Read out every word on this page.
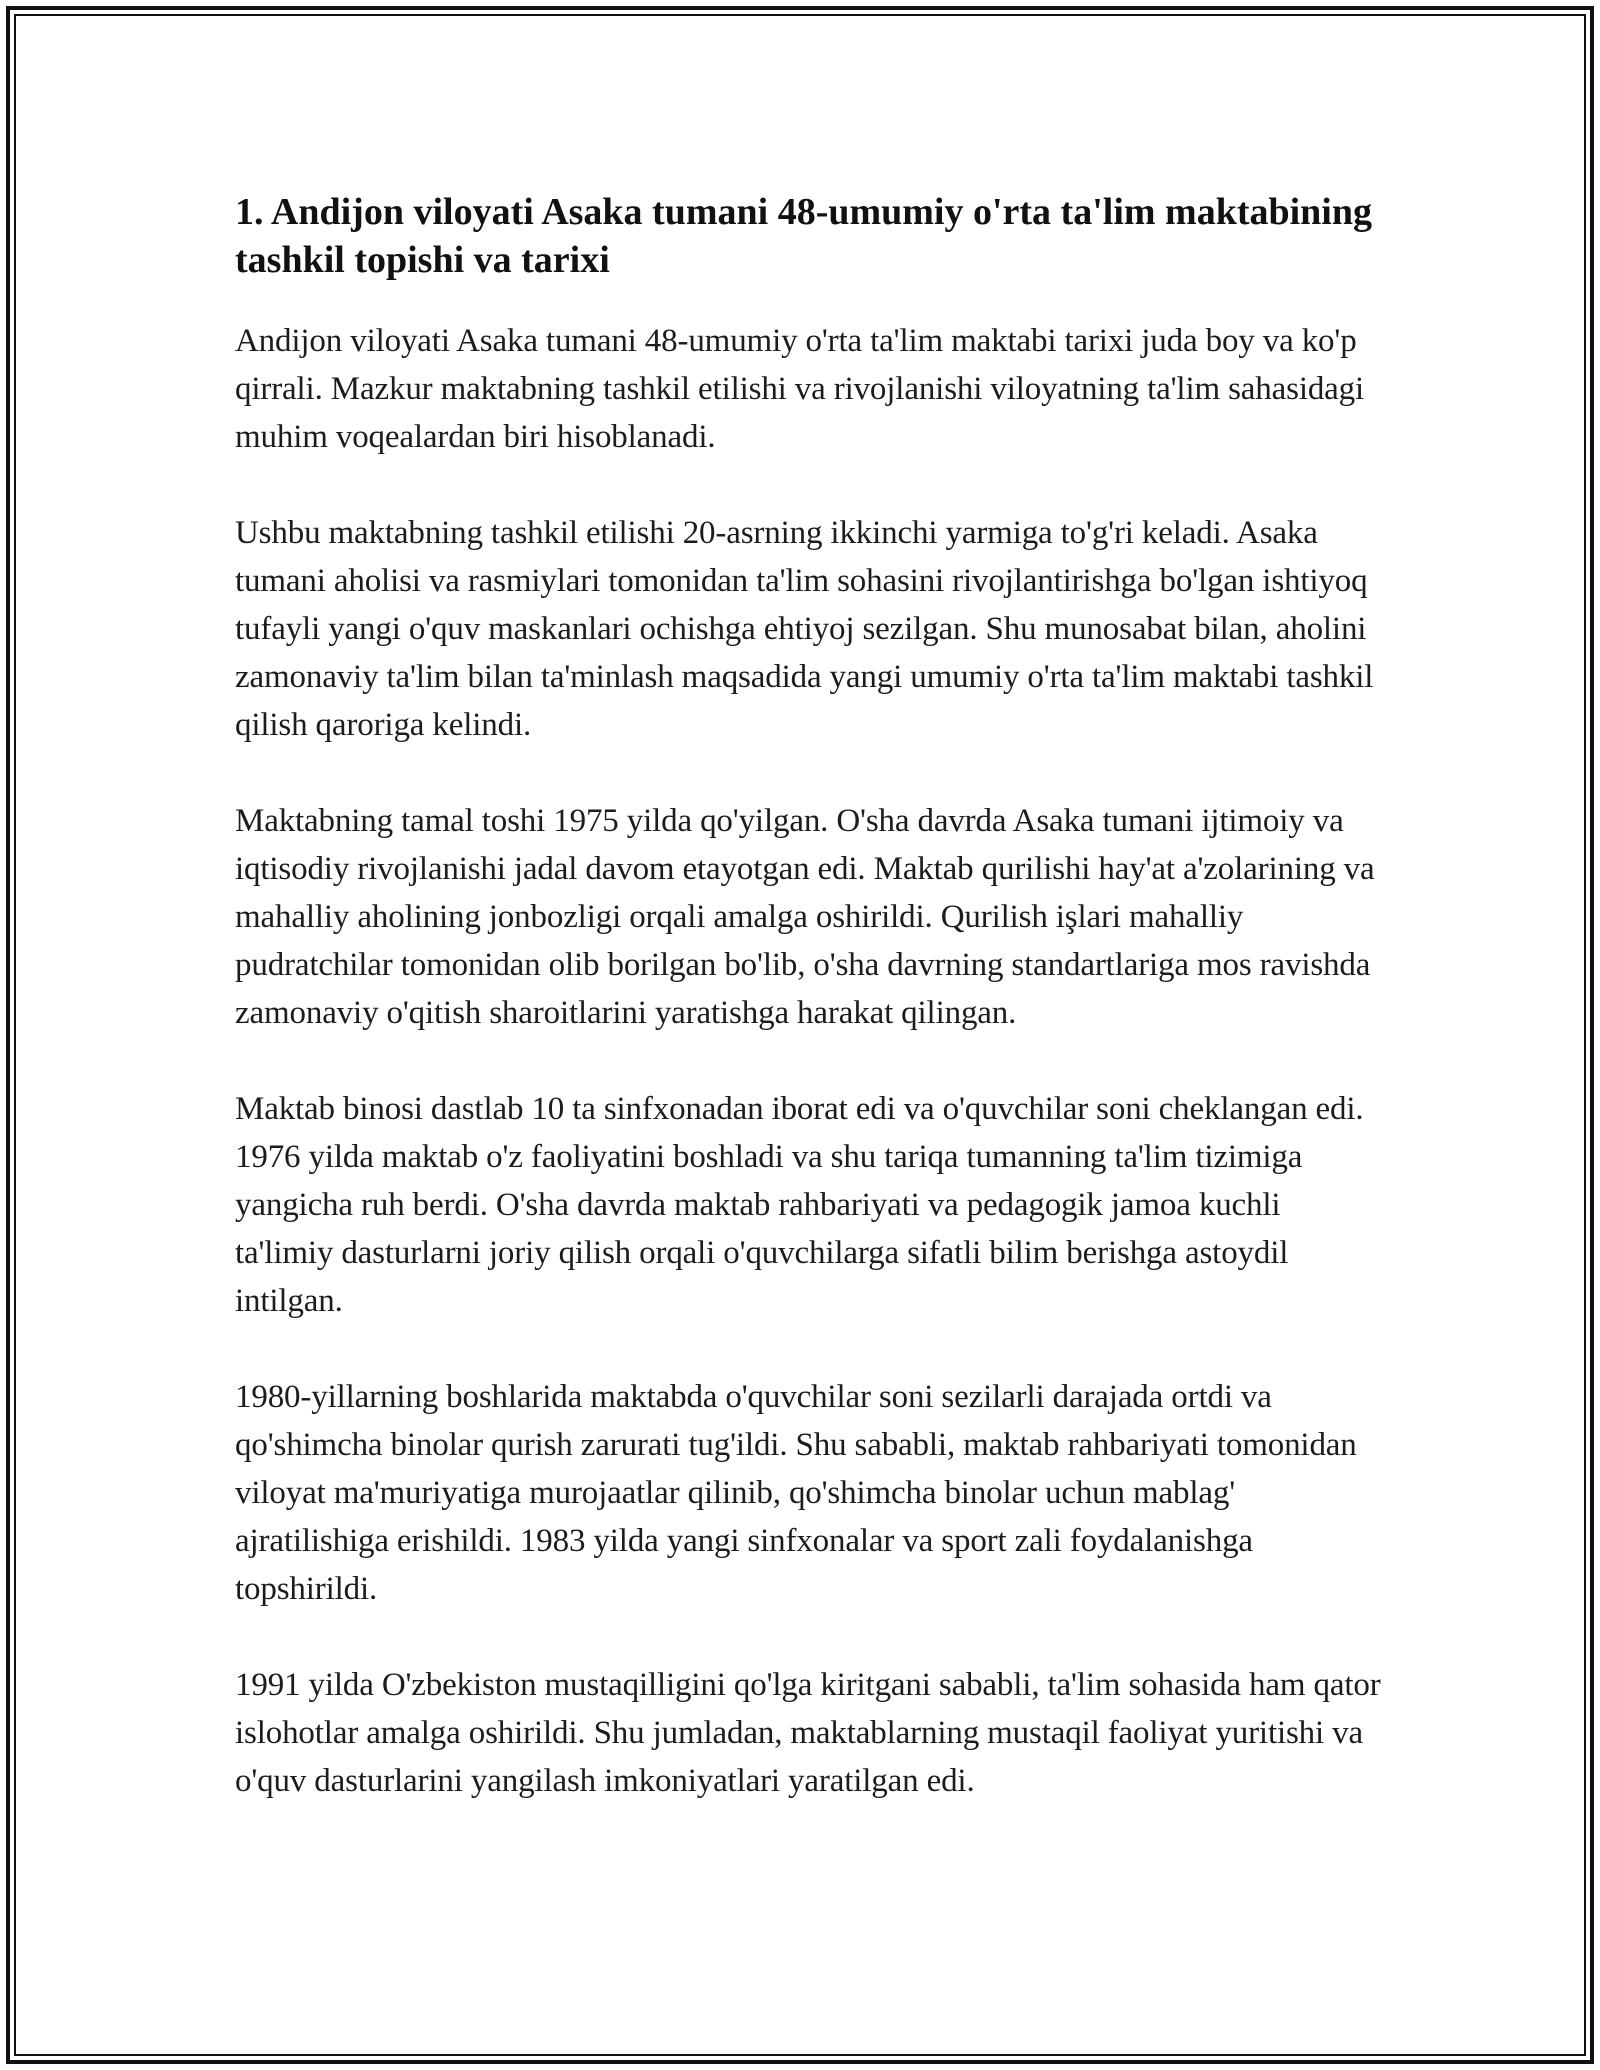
1. Andijon viloyati Asaka tumani 48-umumiy o'rta ta'lim maktabining tashkil topishi va tarixi

Andijon viloyati Asaka tumani 48-umumiy o'rta ta'lim maktabi tarixi juda boy va ko'p qirrali. Mazkur maktabning tashkil etilishi va rivojlanishi viloyatning ta'lim sahasidagi muhim voqealardan biri hisoblanadi.

Ushbu maktabning tashkil etilishi 20-asrning ikkinchi yarmiga to'g'ri keladi. Asaka tumani aholisi va rasmiylari tomonidan ta'lim sohasini rivojlantirishga bo'lgan ishtiyoq tufayli yangi o'quv maskanlari ochishga ehtiyoj sezilgan. Shu munosabat bilan, aholini zamonaviy ta'lim bilan ta'minlash maqsadida yangi umumiy o'rta ta'lim maktabi tashkil qilish qaroriga kelindi.

Maktabning tamal toshi 1975 yilda qo'yilgan. O'sha davrda Asaka tumani ijtimoiy va iqtisodiy rivojlanishi jadal davom etayotgan edi. Maktab qurilishi hay'at a'zolarining va mahalliy aholining jonbozligi orqali amalga oshirildi. Qurilish işlari mahalliy pudratchilar tomonidan olib borilgan bo'lib, o'sha davrning standartlariga mos ravishda zamonaviy o'qitish sharoitlarini yaratishga harakat qilingan.

Maktab binosi dastlab 10 ta sinfxonadan iborat edi va o'quvchilar soni cheklangan edi. 1976 yilda maktab o'z faoliyatini boshladi va shu tariqa tumanning ta'lim tizimiga yangicha ruh berdi. O'sha davrda maktab rahbariyati va pedagogik jamoa kuchli ta'limiy dasturlarni joriy qilish orqali o'quvchilarga sifatli bilim berishga astoydil intilgan.

1980-yillarning boshlarida maktabda o'quvchilar soni sezilarli darajada ortdi va qo'shimcha binolar qurish zarurati tug'ildi. Shu sababli, maktab rahbariyati tomonidan viloyat ma'muriyatiga murojaatlar qilinib, qo'shimcha binolar uchun mablag' ajratilishiga erishildi. 1983 yilda yangi sinfxonalar va sport zali foydalanishga topshirildi.

1991 yilda O'zbekiston mustaqilligini qo'lga kiritgani sababli, ta'lim sohasida ham qator islohotlar amalga oshirildi. Shu jumladan, maktablarning mustaqil faoliyat yuritishi va o'quv dasturlarini yangilash imkoniyatlari yaratilgan edi.
